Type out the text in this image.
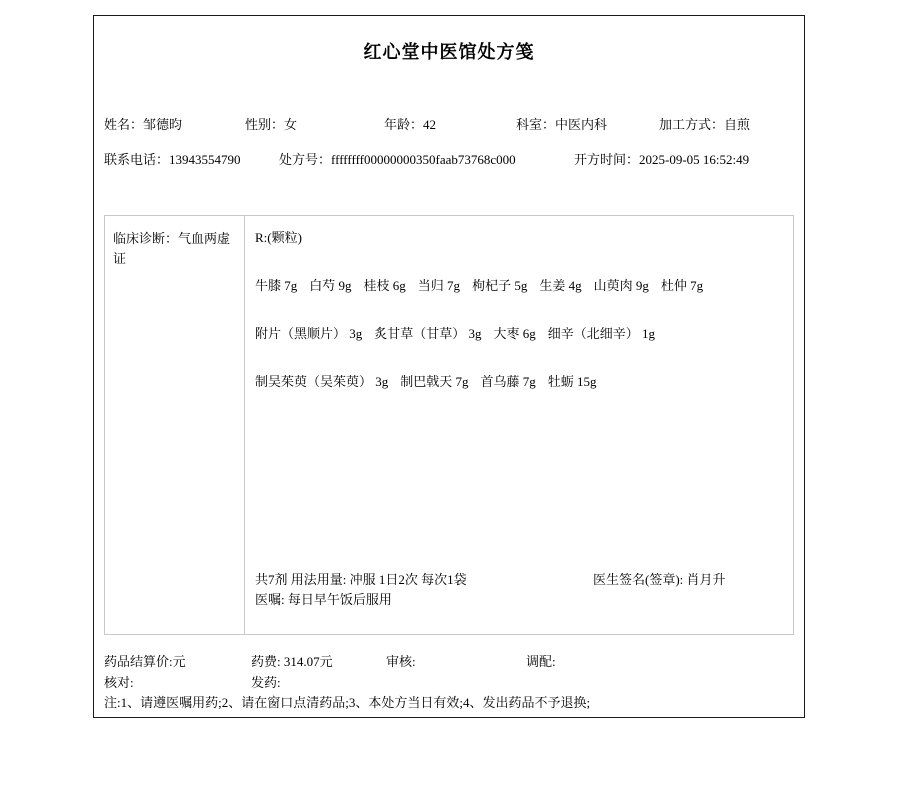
红心堂中医馆处方笺
姓名：邹德昀	性别：女	年龄：42	科室：中医内科	加工方式：自煎
联系电话：13943554790	处方号：ffffffff00000000350faab73768c000	开方时间：2025-09-05 16:52:49
临床诊断：气血两虚证
R:(颗粒)
牛膝 7g 白芍 9g 桂枝 6g 当归 7g 枸杞子 5g 生姜 4g 山萸肉 9g 杜仲 7g
附片（黑顺片） 3g 炙甘草（甘草） 3g 大枣 6g 细辛（北细辛） 1g
制吴茱萸（吴茱萸） 3g 制巴戟天 7g 首乌藤 7g 牡蛎 15g
共7剂 用法用量: 冲服 1日2次 每次1袋
医嘱: 每日早午饭后服用
医生签名(签章): 肖月升
药品结算价:元	药费: 314.07元	审核:	调配:
核对:	发药:
注:1、请遵医嘱用药;2、请在窗口点清药品;3、本处方当日有效;4、发出药品不予退换;
